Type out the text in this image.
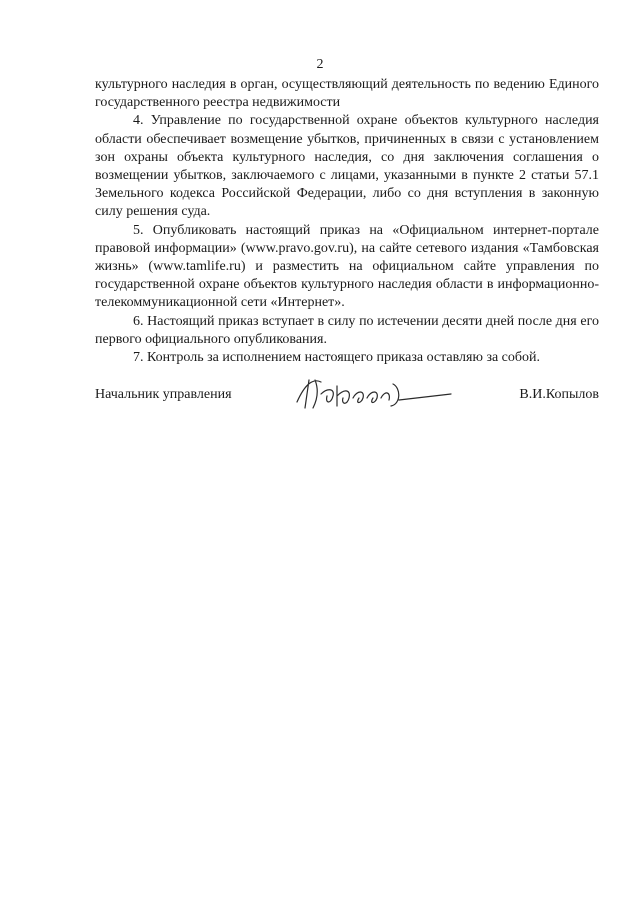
2

культурного наследия в орган, осуществляющий деятельность по ведению Единого государственного реестра недвижимости

4. Управление по государственной охране объектов культурного наследия области обеспечивает возмещение убытков, причиненных в связи с установлением зон охраны объекта культурного наследия, со дня заключения соглашения о возмещении убытков, заключаемого с лицами, указанными в пункте 2 статьи 57.1 Земельного кодекса Российской Федерации, либо со дня вступления в законную силу решения суда.

5. Опубликовать настоящий приказ на «Официальном интернет-портале правовой информации» (www.pravo.gov.ru), на сайте сетевого издания «Тамбовская жизнь» (www.tamlife.ru) и разместить на официальном сайте управления по государственной охране объектов культурного наследия области в информационно-телекоммуникационной сети «Интернет».

6. Настоящий приказ вступает в силу по истечении десяти дней после дня его первого официального опубликования.

7. Контроль за исполнением настоящего приказа оставляю за собой.

Начальник управления	В.И.Копылов
